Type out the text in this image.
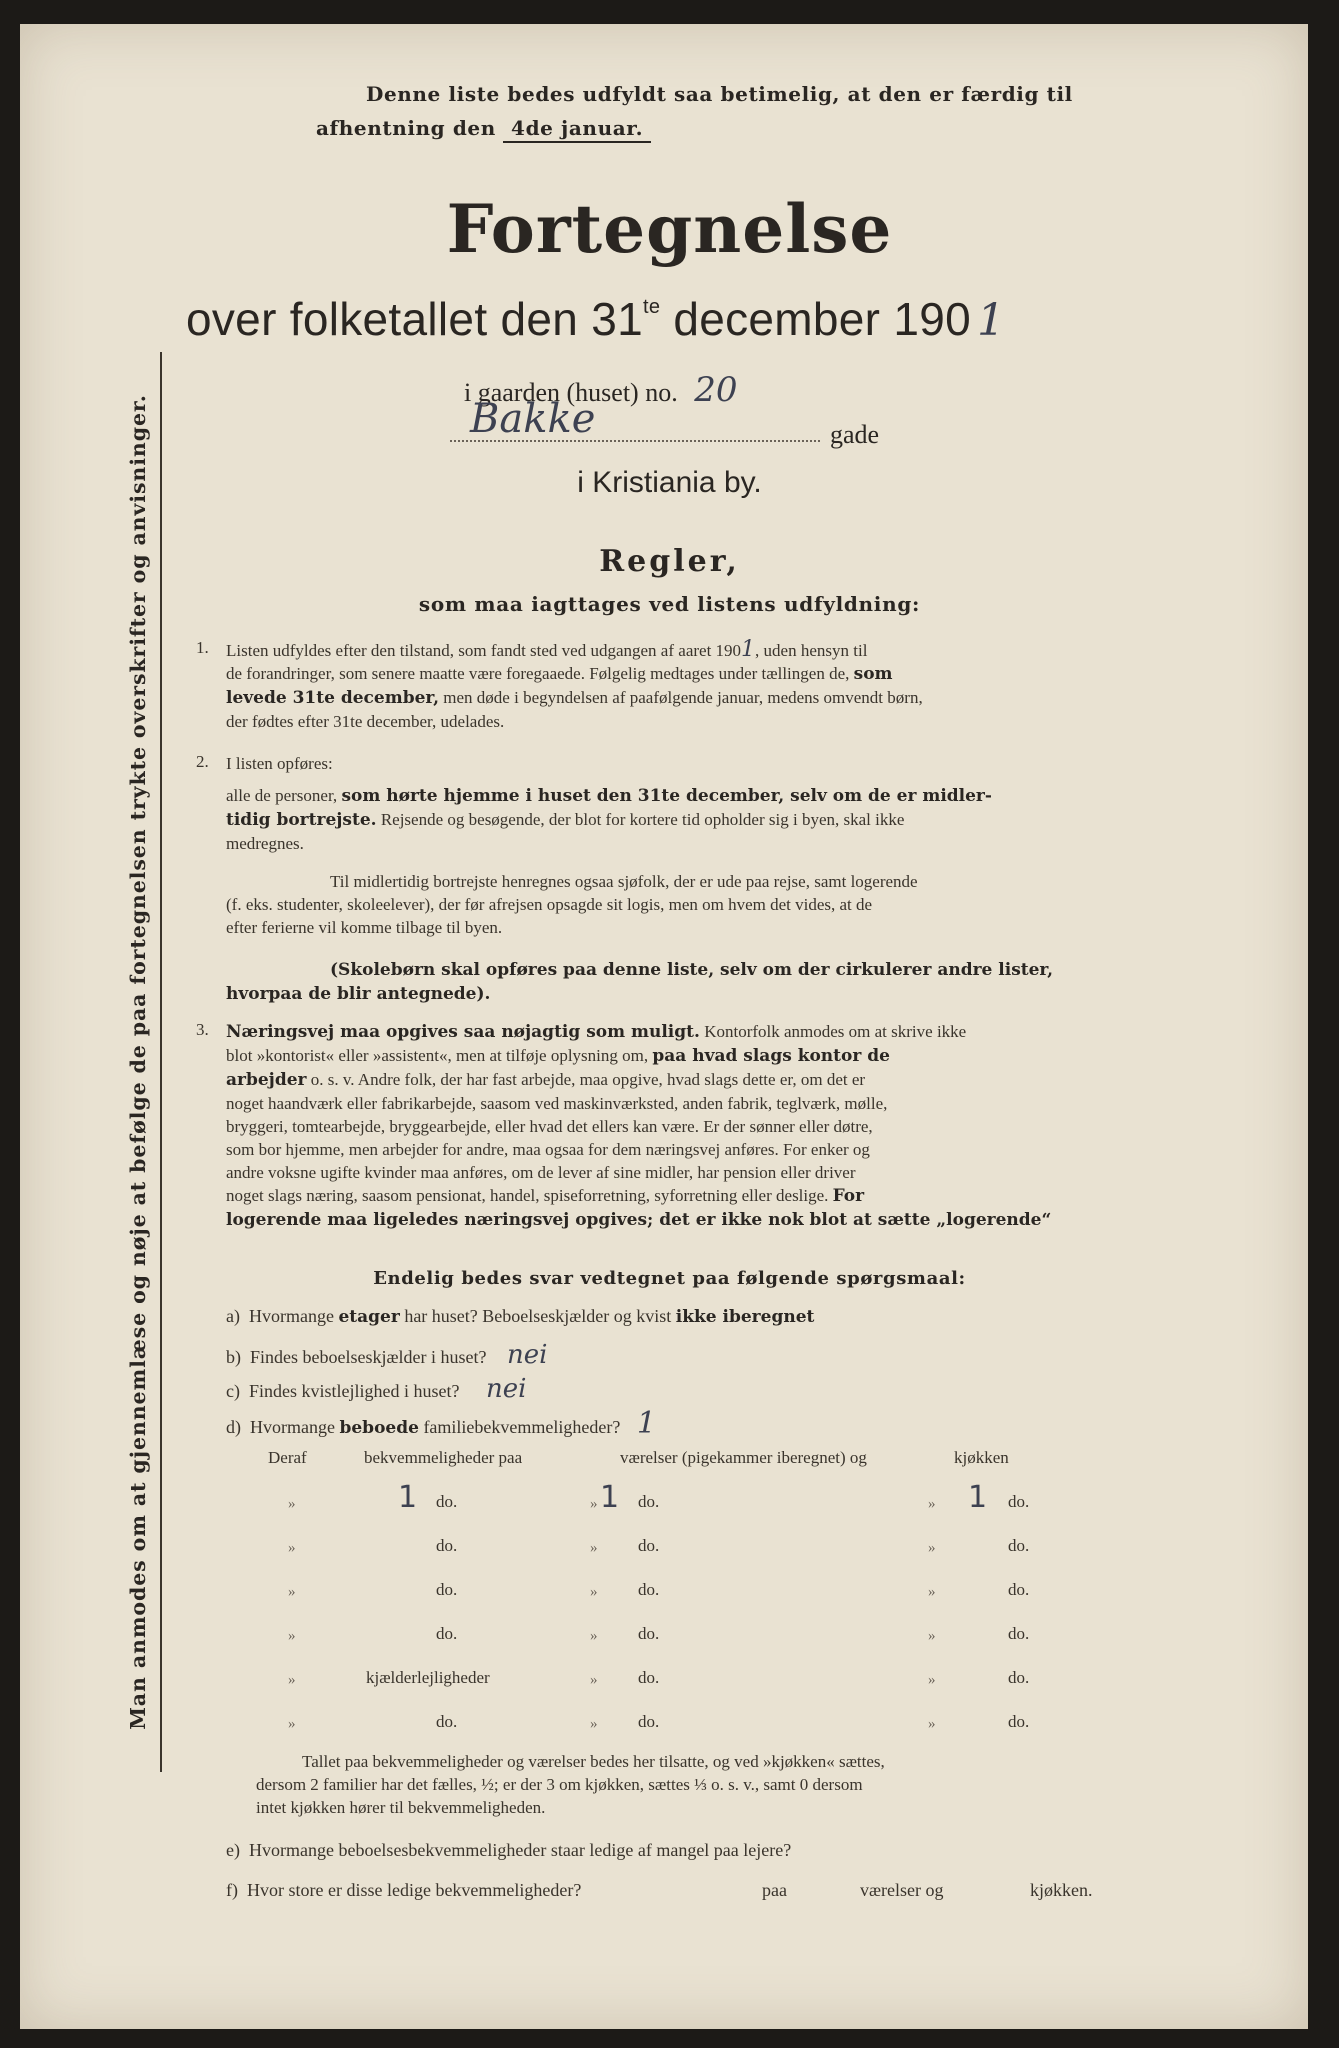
Denne liste bedes udfyldt saa betimelig, at den er færdig til
afhentning den 4de januar.
Man anmodes om at gjennemlæse og nøje at befølge de paa fortegnelsen trykte overskrifter og anvisninger.
Fortegnelse
over folketallet den $31^{te}$ december 190 1
i gaarden (huset) no. 20
Bakke	gade
i Kristiania by.
Regler,
som maa iagttages ved listens udfyldning:
1. Listen udfyldes efter den tilstand, som fandt sted ved udgangen af aaret 1901, uden hensyn til
de forandringer, som senere maatte være foregaaede. Følgelig medtages under tællingen de, som
levede 31te december, men døde i begyndelsen af paafølgende januar, medens omvendt børn,
der fødtes efter 31te december, udelades.
2. I listen opføres:
alle de personer, som hørte hjemme i huset den 31te december, selv om de er midler-
tidig bortrejste. Rejsende og besøgende, der blot for kortere tid opholder sig i byen, skal ikke
medregnes.
Til midlertidig bortrejste henregnes ogsaa sjøfolk, der er ude paa rejse, samt logerende
(f. eks. studenter, skoleelever), der før afrejsen opsagde sit logis, men om hvem det vides, at de
efter ferierne vil komme tilbage til byen.
(Skolebørn skal opføres paa denne liste, selv om der cirkulerer andre lister,
hvorpaa de blir antegnede).
3. Næringsvej maa opgives saa nøjagtig som muligt. Kontorfolk anmodes om at skrive ikke
blot »kontorist« eller »assistent«, men at tilføje oplysning om, paa hvad slags kontor de
arbejder o. s. v. Andre folk, der har fast arbejde, maa opgive, hvad slags dette er, om det er
noget haandværk eller fabrikarbejde, saasom ved maskinværksted, anden fabrik, teglværk, mølle,
bryggeri, tomtearbejde, bryggearbejde, eller hvad det ellers kan være. Er der sønner eller døtre,
som bor hjemme, men arbejder for andre, maa ogsaa for dem næringsvej anføres. For enker og
andre voksne ugifte kvinder maa anføres, om de lever af sine midler, har pension eller driver
noget slags næring, saasom pensionat, handel, spiseforretning, syforretning eller deslige. For
logerende maa ligeledes næringsvej opgives; det er ikke nok blot at sætte „logerende“
Endelig bedes svar vedtegnet paa følgende spørgsmaal:
a) Hvormange etager har huset? Beboelseskjælder og kvist ikke iberegnet
b) Findes beboelseskjælder i huset? nei
c) Findes kvistlejlighed i huset? nei
d) Hvormange beboede familiebekvemmeligheder? 1
Deraf	bekvemmeligheder paa	værelser (pigekammer iberegnet) og	kjøkken
»	1 do.	» 1 do.	» 1 do.
»	do.	» do.	»	do.
»	do.	» do.	»	do.
»	do.	» do.	»	do.
»	kjælderlejligheder	» do.	»	do.
»	do.	» do.	»	do.
Tallet paa bekvemmeligheder og værelser bedes her tilsatte, og ved »kjøkken« sættes,
dersom 2 familier har det fælles, ½; er der 3 om kjøkken, sættes ⅓ o. s. v., samt 0 dersom
intet kjøkken hører til bekvemmeligheden.
e) Hvormange beboelsesbekvemmeligheder staar ledige af mangel paa lejere?
f) Hvor store er disse ledige bekvemmeligheder?	paa	værelser og	kjøkken.
